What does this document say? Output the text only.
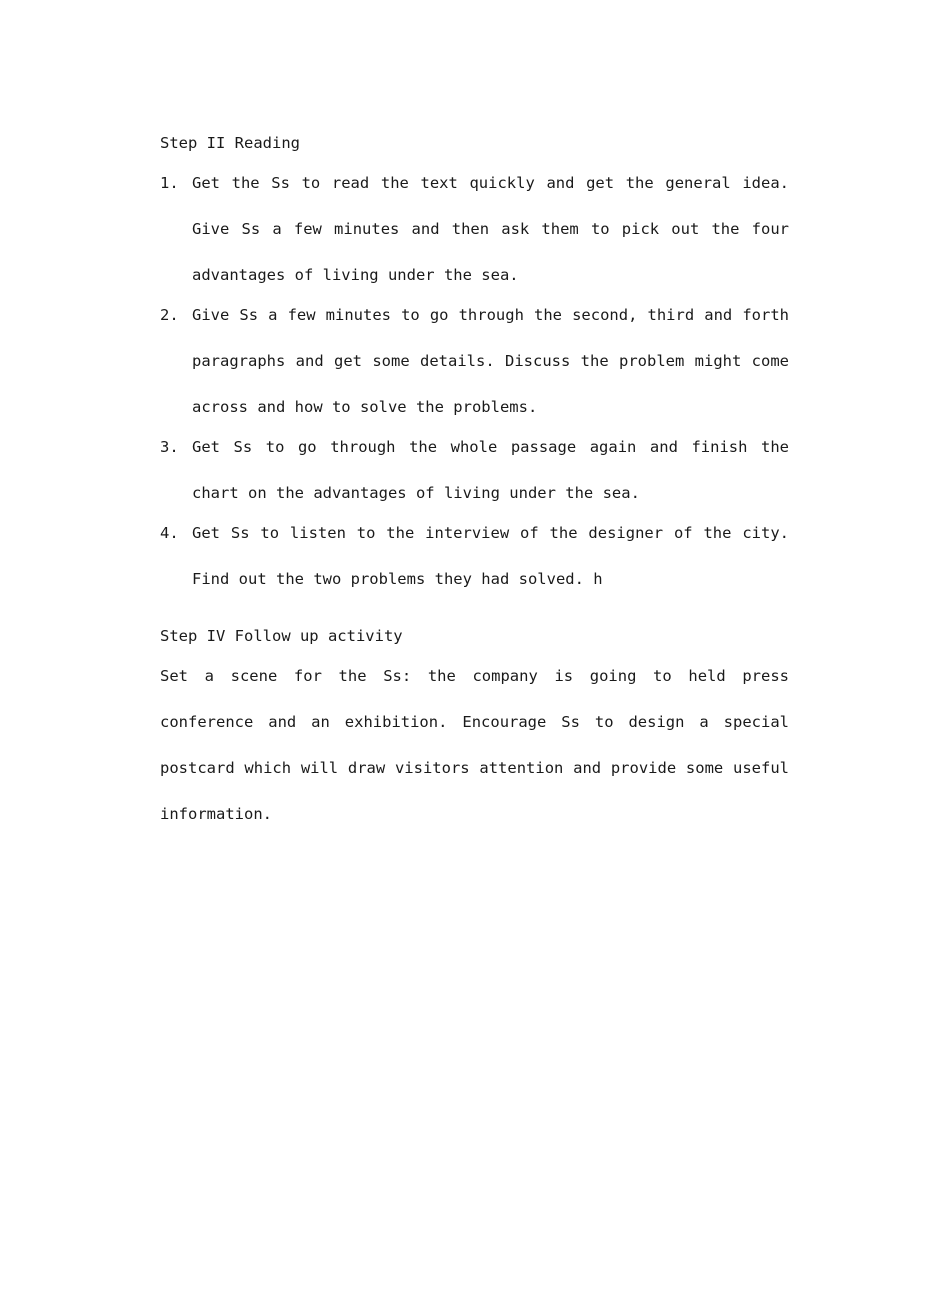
Step II Reading
1. Get the Ss to read the text quickly and get the general idea. Give Ss a few minutes and then ask them to pick out the four advantages of living under the sea.
2. Give Ss a few minutes to go through the second, third and forth paragraphs and get some details. Discuss the problem might come across and how to solve the problems.
3. Get Ss to go through the whole passage again and finish the chart on the advantages of living under the sea.
4. Get Ss to listen to the interview of the designer of the city. Find out the two problems they had solved. h
Step IV Follow up activity
Set a scene for the Ss: the company is going to held press conference and an exhibition. Encourage Ss to design a special postcard which will draw visitors attention and provide some useful information.
